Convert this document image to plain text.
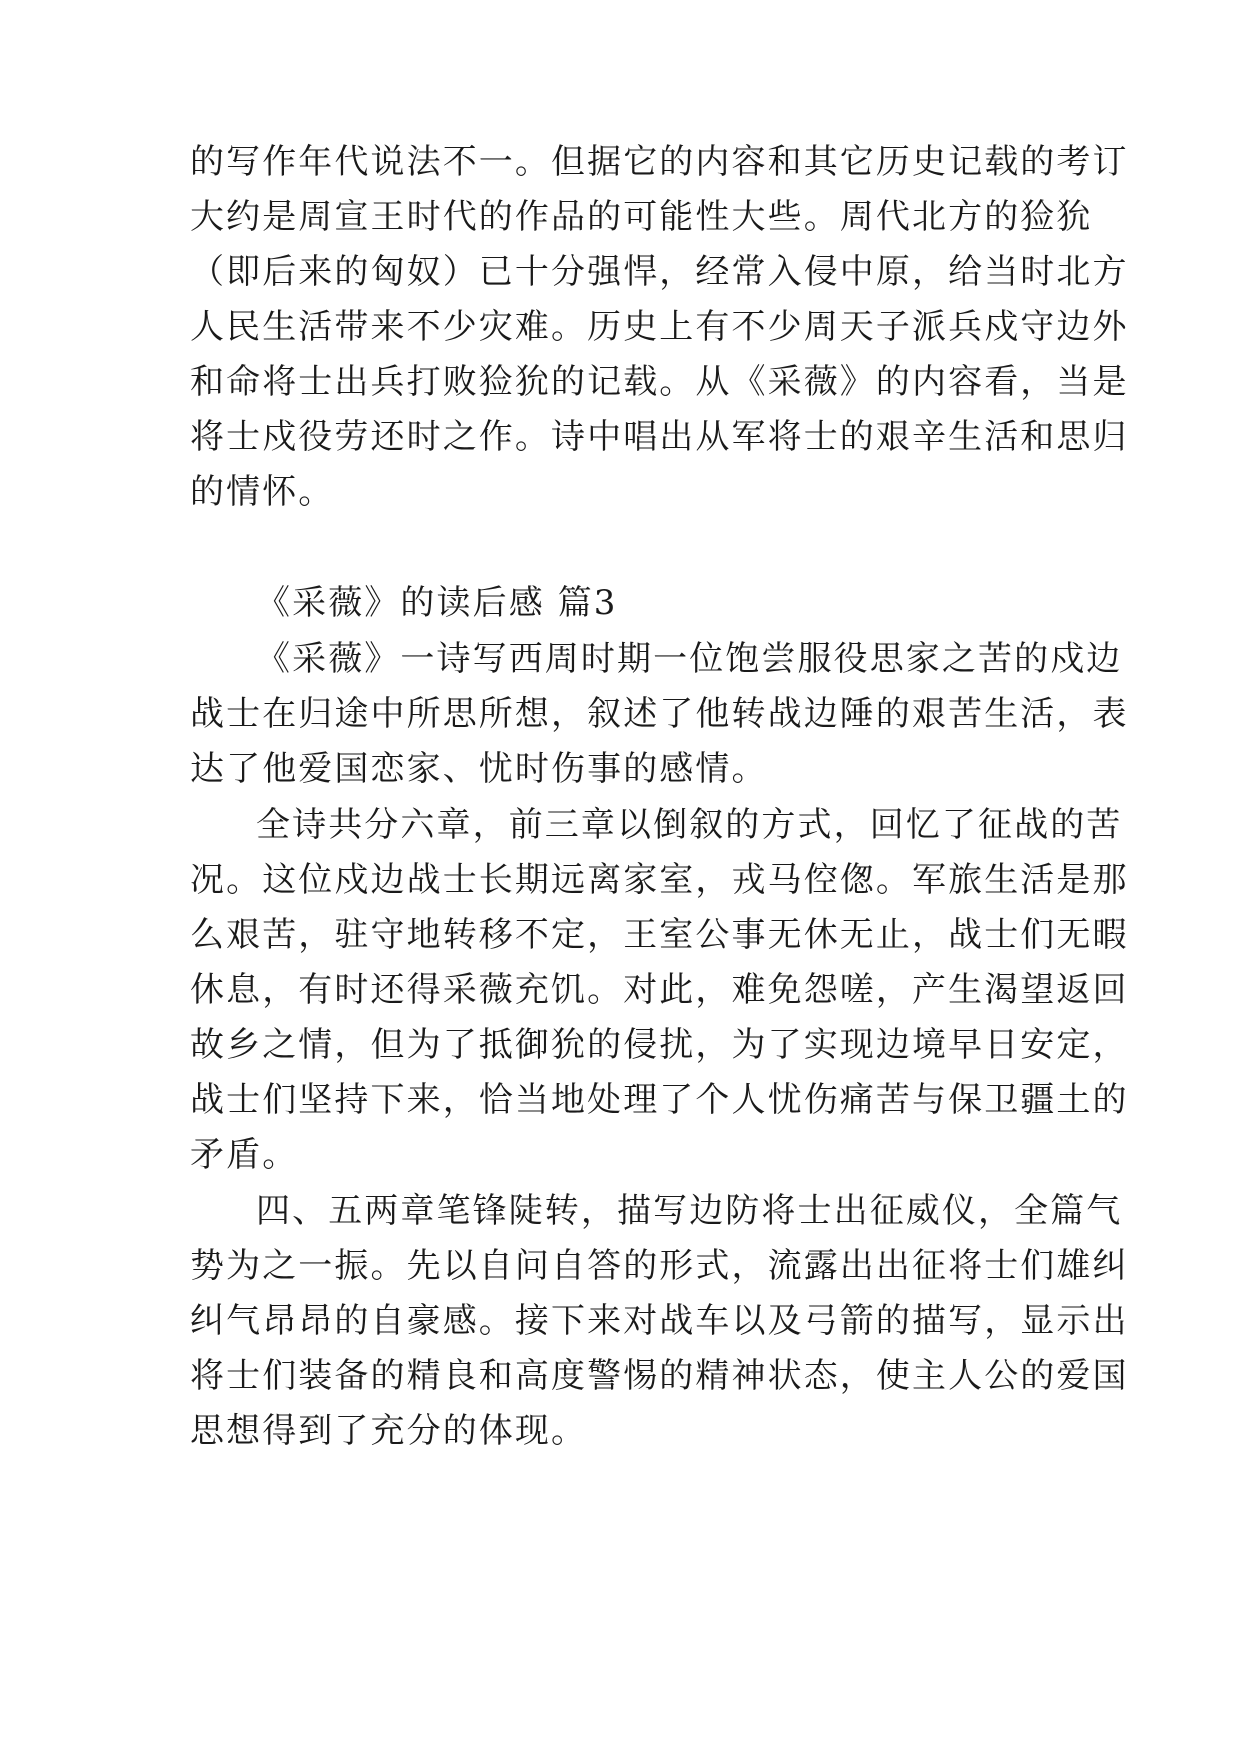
的写作年代说法不一。但据它的内容和其它历史记载的考订

大约是周宣王时代的作品的可能性大些。周代北方的猃狁

（即后来的匈奴）已十分强悍，经常入侵中原，给当时北方

人民生活带来不少灾难。历史上有不少周天子派兵戍守边外

和命将士出兵打败猃狁的记载。从《采薇》的内容看，当是

将士戍役劳还时之作。诗中唱出从军将士的艰辛生活和思归

的情怀。

《采薇》的读后感 篇3

《采薇》一诗写西周时期一位饱尝服役思家之苦的戍边

战士在归途中所思所想，叙述了他转战边陲的艰苦生活，表

达了他爱国恋家、忧时伤事的感情。

全诗共分六章，前三章以倒叙的方式，回忆了征战的苦

况。这位戍边战士长期远离家室，戎马倥偬。军旅生活是那

么艰苦，驻守地转移不定，王室公事无休无止，战士们无暇

休息，有时还得采薇充饥。对此，难免怨嗟，产生渴望返回

故乡之情，但为了抵御狁的侵扰，为了实现边境早日安定，

战士们坚持下来，恰当地处理了个人忧伤痛苦与保卫疆土的

矛盾。

四、五两章笔锋陡转，描写边防将士出征威仪，全篇气

势为之一振。先以自问自答的形式，流露出出征将士们雄纠

纠气昂昂的自豪感。接下来对战车以及弓箭的描写，显示出

将士们装备的精良和高度警惕的精神状态，使主人公的爱国

思想得到了充分的体现。
